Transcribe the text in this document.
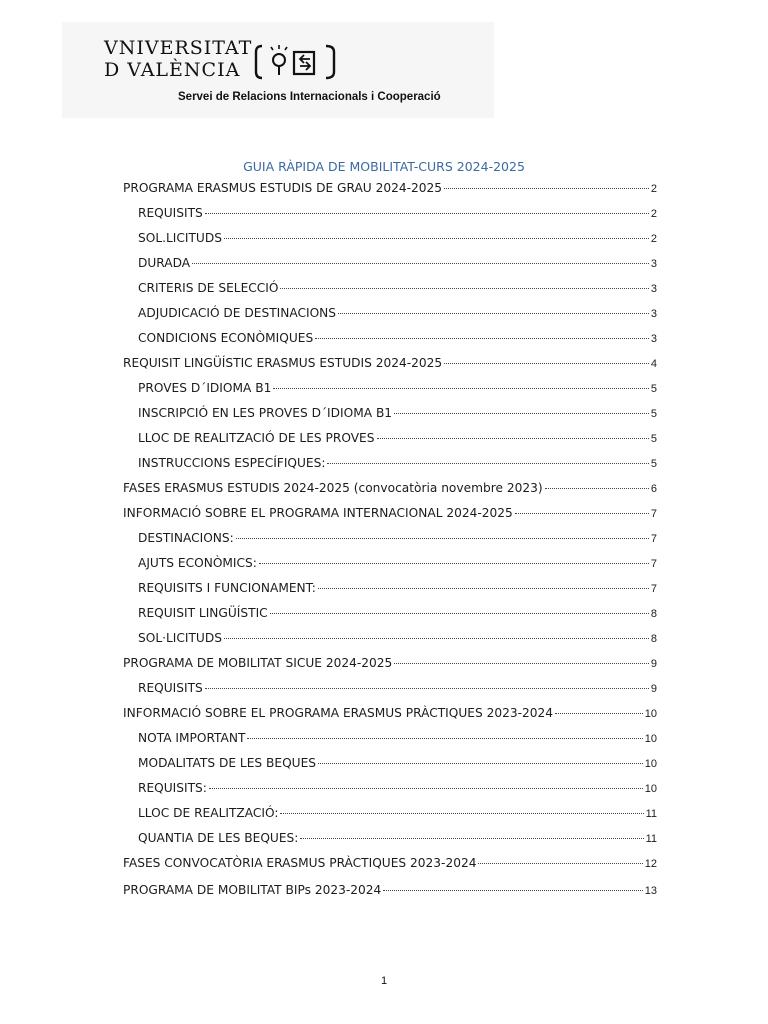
VNIVERSITAT
D VALÈNCIA
Servei de Relacions Internacionals i Cooperació
GUIA RÀPIDA DE MOBILITAT-CURS 2024-2025
PROGRAMA ERASMUS ESTUDIS DE GRAU 2024-2025	2
REQUISITS	2
SOL.LICITUDS	2
DURADA	3
CRITERIS DE SELECCIÓ	3
ADJUDICACIÓ DE DESTINACIONS	3
CONDICIONS ECONÒMIQUES	3
REQUISIT LINGÜÍSTIC ERASMUS ESTUDIS 2024-2025	4
PROVES D´IDIOMA B1	5
INSCRIPCIÓ EN LES PROVES D´IDIOMA B1	5
LLOC DE REALITZACIÓ DE LES PROVES	5
INSTRUCCIONS ESPECÍFIQUES:	5
FASES ERASMUS ESTUDIS 2024-2025 (convocatòria novembre 2023)	6
INFORMACIÓ SOBRE EL PROGRAMA INTERNACIONAL 2024-2025	7
DESTINACIONS:	7
AJUTS ECONÒMICS:	7
REQUISITS I FUNCIONAMENT:	7
REQUISIT LINGÜÍSTIC	8
SOL·LICITUDS	8
PROGRAMA DE MOBILITAT SICUE 2024-2025	9
REQUISITS	9
INFORMACIÓ SOBRE EL PROGRAMA ERASMUS PRÀCTIQUES 2023-2024	10
NOTA IMPORTANT	10
MODALITATS DE LES BEQUES	10
REQUISITS:	10
LLOC DE REALITZACIÓ:	11
QUANTIA DE LES BEQUES:	11
FASES CONVOCATÒRIA ERASMUS PRÀCTIQUES 2023-2024	12
PROGRAMA DE MOBILITAT BIPs 2023-2024	13
1
